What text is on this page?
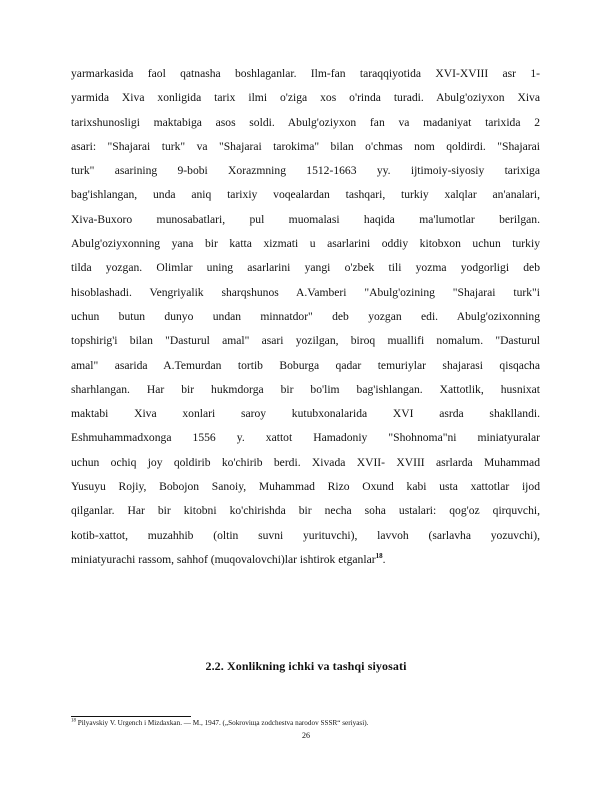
yarmarkasida faol qatnasha boshlaganlar. Ilm-fan taraqqiyotida XVI-XVIII asr 1-
yarmida Xiva xonligida tarix ilmi o'ziga xos o'rinda turadi. Abulg'oziyxon Xiva
tarixshunosligi maktabiga asos soldi. Abulg'oziyxon fan va madaniyat tarixida 2
asari: "Shajarai turk" va "Shajarai tarokima" bilan o'chmas nom qoldirdi. "Shajarai
turk" asarining 9-bobi Xorazmning 1512-1663 yy. ijtimoiy-siyosiy tarixiga
bag'ishlangan, unda aniq tarixiy voqealardan tashqari, turkiy xalqlar an'analari,
Xiva-Buxoro munosabatlari, pul muomalasi haqida ma'lumotlar berilgan.
Abulg'oziyxonning yana bir katta xizmati u asarlarini oddiy kitobxon uchun turkiy
tilda yozgan. Olimlar uning asarlarini yangi o'zbek tili yozma yodgorligi deb
hisoblashadi. Vengriyalik sharqshunos A.Vamberi "Abulg'ozining "Shajarai turk"i
uchun butun dunyo undan minnatdor" deb yozgan edi. Abulg'ozixonning
topshirig'i bilan "Dasturul amal" asari yozilgan, biroq muallifi nomalum. "Dasturul
amal" asarida A.Temurdan tortib Boburga qadar temuriylar shajarasi qisqacha
sharhlangan. Har bir hukmdorga bir bo'lim bag'ishlangan. Xattotlik, husnixat
maktabi Xiva xonlari saroy kutubxonalarida XVI asrda shakllandi.
Eshmuhammadxonga 1556 y. xattot Hamadoniy "Shohnoma"ni miniatyuralar
uchun ochiq joy qoldirib ko'chirib berdi. Xivada XVII- XVIII asrlarda Muhammad
Yusuyu Rojiy, Bobojon Sanoiy, Muhammad Rizo Oxund kabi usta xattotlar ijod
qilganlar. Har bir kitobni ko'chirishda bir necha soha ustalari: qog'oz qirquvchi,
kotib-xattot, muzahhib (oltin suvni yurituvchi), lavvoh (sarlavha yozuvchi),
miniatyurachi rassom, sahhof (muqovalovchi)lar ishtirok etganlar$^{18}$.
2.2. Xonlikning ichki va tashqi siyosati
$^{18}$ Pilyavskiy V. Urgench i Mizdaxkan. — M., 1947. („Sokroviщa zodchestva narodov SSSR“ seriyasi).
26
